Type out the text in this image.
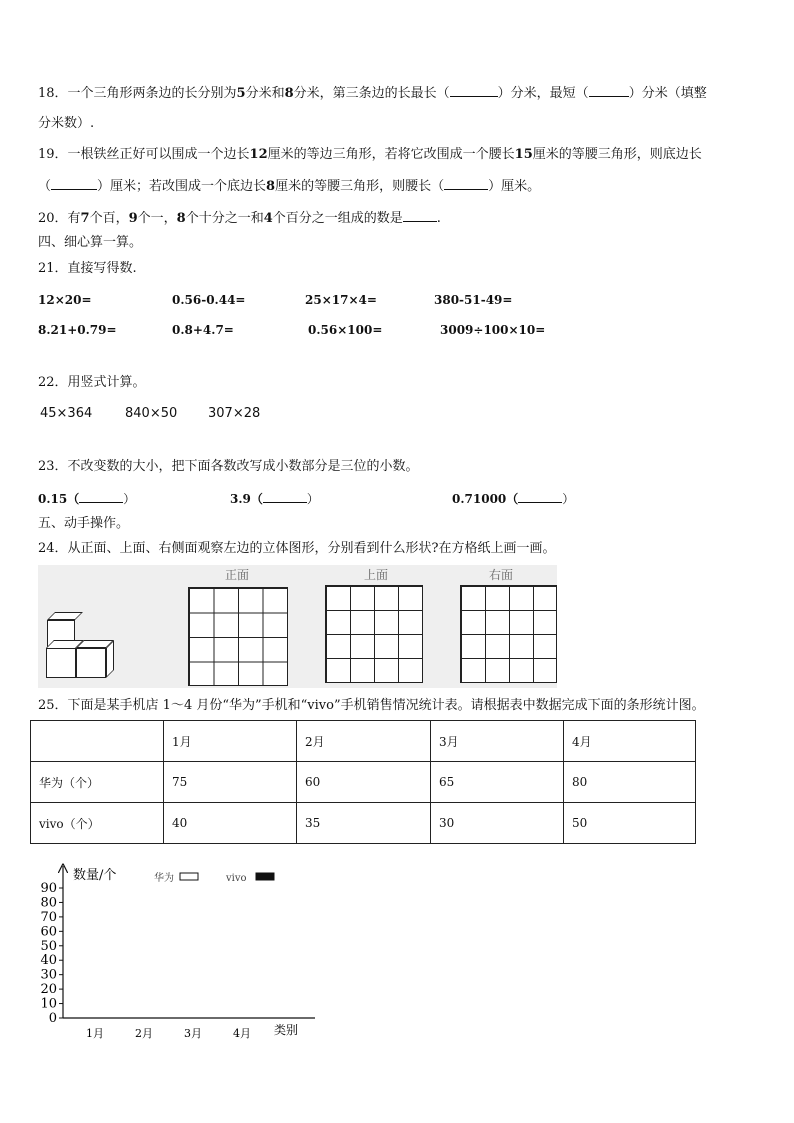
18．一个三角形两条边的长分别为5分米和8分米，第三条边的长最长（	）分米，最短（	）分米（填整
分米数）.
19．一根铁丝正好可以围成一个边长12厘米的等边三角形，若将它改围成一个腰长15厘米的等腰三角形，则底边长
（	）厘米；若改围成一个底边长8厘米的等腰三角形，则腰长（	）厘米。
20．有7个百，9个一，8个十分之一和4个百分之一组成的数是	.
四、细心算一算。
21．直接写得数.
12×20=	0.56-0.44=	25×17×4=	380-51-49=
8.21+0.79=	0.8+4.7=	0.56×100=	3009÷100×10=
22．用竖式计算。
45×364	840×50 307×28
23．不改变数的大小，把下面各数改写成小数部分是三位的小数。
0.15（	）	3.9（	）	0.71000（	）
五、动手操作。
24．从正面、上面、右侧面观察左边的立体图形，分别看到什么形状?在方格纸上画一画。
正面	上面	右面
25．下面是某手机店 1～4 月份“华为”手机和“vivo”手机销售情况统计表。请根据表中数据完成下面的条形统计图。
	1月	2月	3月	4月
华为（个）	75	60	65	80
vivo（个）	40	35	30	50
数量/个
类别
0
10
20
30
40
50
60
70
80
90
1月	2月	3月	4月
华为	vivo
